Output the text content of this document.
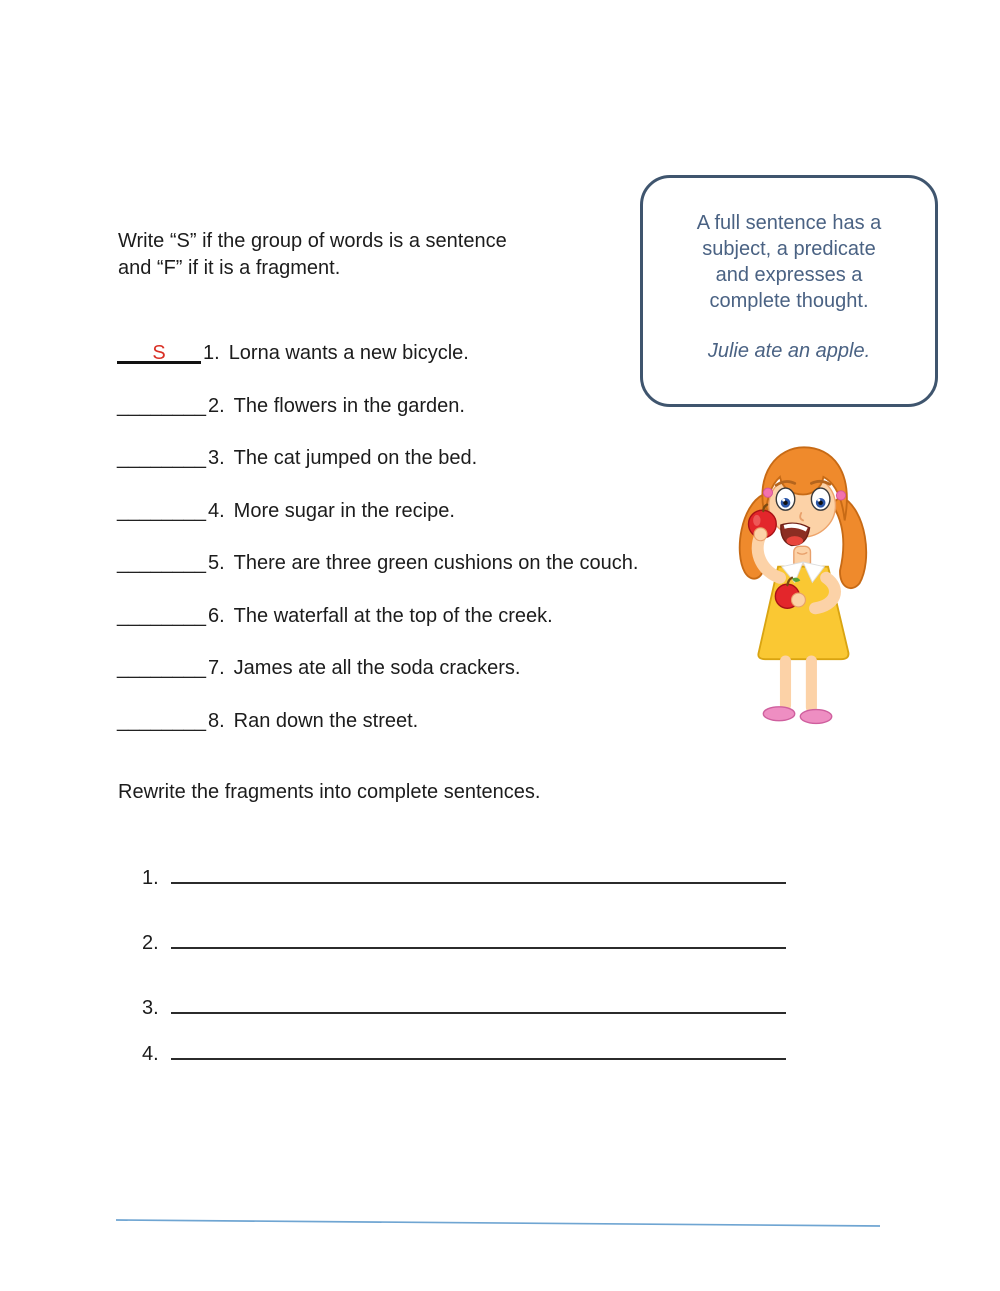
Write “S” if the group of words is a sentence
and “F” if it is a fragment.
A full sentence has a
subject, a predicate
and expresses a
complete thought.
Julie ate an apple.
S 1. Lorna wants a new bicycle.
________ 2. The flowers in the garden.
________ 3. The cat jumped on the bed.
________ 4. More sugar in the recipe.
________ 5. There are three green cushions on the couch.
________ 6. The waterfall at the top of the creek.
________ 7. James ate all the soda crackers.
________ 8. Ran down the street.
Rewrite the fragments into complete sentences.
1.
2.
3.
4.
